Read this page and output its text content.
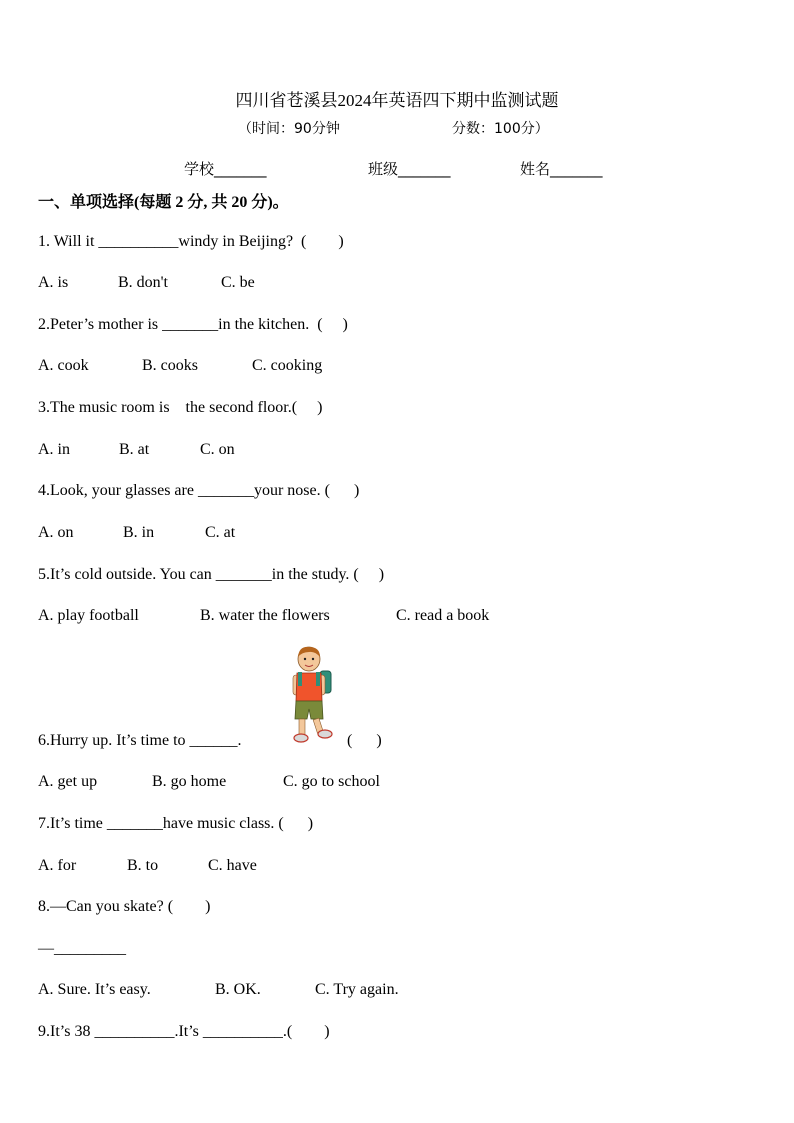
四川省苍溪县2024年英语四下期中监测试题
（时间：90分钟	分数：100分）
学校_______	班级_______	姓名_______
一、单项选择(每题 2 分, 共 20 分)。
1. Will it __________windy in Beijing?  (        )
A. is	B. don't	C. be
2.Peter’s mother is _______in the kitchen.  (     )
A. cook	B. cooks	C. cooking
3.The music room is    the second floor.(     )
A. in	B. at	C. on
4.Look, your glasses are _______your nose. (      )
A. on	B. in	C. at
5.It’s cold outside. You can _______in the study. (     )
A. play football	B. water the flowers	C. read a book
6.Hurry up. It’s time to ______.	(      )
A. get up	B. go home	C. go to school
7.It’s time _______have music class. (      )
A. for	B. to	C. have
8.—Can you skate? (        )
—_________
A. Sure. It’s easy.	B. OK.	C. Try again.
9.It’s 38 __________.It’s __________.(        )
